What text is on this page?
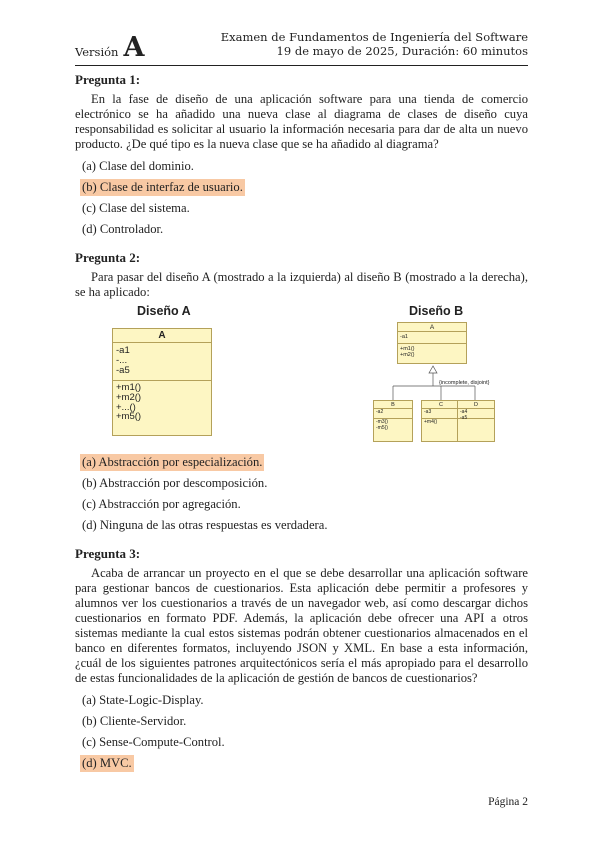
Versión A	Examen de Fundamentos de Ingeniería del Software
19 de mayo de 2025, Duración: 60 minutos
Pregunta 1:

En la fase de diseño de una aplicación software para una tienda de comercio electrónico se ha añadido una nueva clase al diagrama de clases de diseño cuya responsabilidad es solicitar al usuario la información necesaria para dar de alta un nuevo producto. ¿De qué tipo es la nueva clase que se ha añadido al diagrama?

(a) Clase del dominio.
(b) Clase de interfaz de usuario.
(c) Clase del sistema.
(d) Controlador.
Pregunta 2:

Para pasar del diseño A (mostrado a la izquierda) al diseño B (mostrado a la derecha), se ha aplicado:

Diseño A	Diseño B
A
-a1
-...
-a5
+m1()
+m2()
+...()
+m5()
A
-a1
+m1()
+m2()
{incomplete, disjoint}
B
-a2
-m3()
-m5()
C
-a3
+m4()
D
-a4
-a5
(a) Abstracción por especialización.
(b) Abstracción por descomposición.
(c) Abstracción por agregación.
(d) Ninguna de las otras respuestas es verdadera.
Pregunta 3:

Acaba de arrancar un proyecto en el que se debe desarrollar una aplicación software para gestionar bancos de cuestionarios. Esta aplicación debe permitir a profesores y alumnos ver los cuestionarios a través de un navegador web, así como descargar dichos cuestionarios en formato PDF. Además, la aplicación debe ofrecer una API a otros sistemas mediante la cual estos sistemas podrán obtener cuestionarios almacenados en el banco en diferentes formatos, incluyendo JSON y XML. En base a esta información, ¿cuál de los siguientes patrones arquitectónicos sería el más apropiado para el desarrollo de estas funcionalidades de la aplicación de gestión de bancos de cuestionarios?

(a) State-Logic-Display.
(b) Cliente-Servidor.
(c) Sense-Compute-Control.
(d) MVC.
Página 2
